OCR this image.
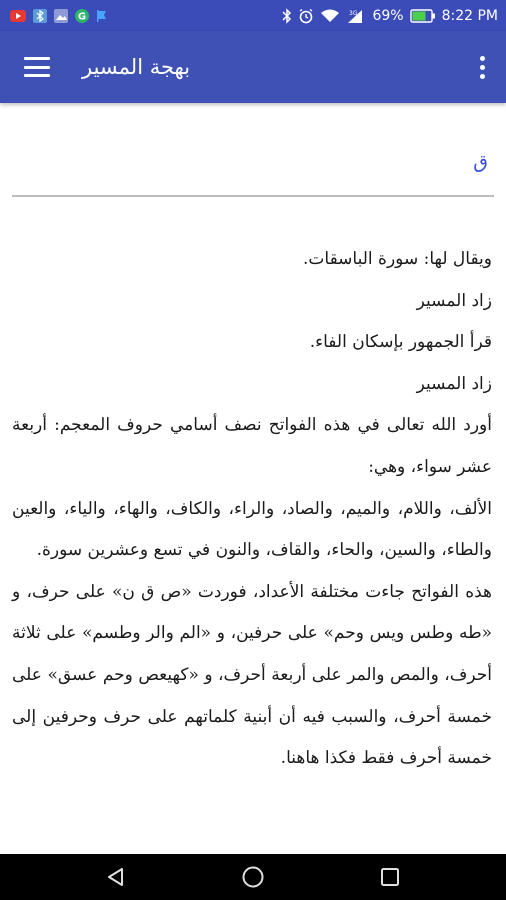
G	3G 69%	8:22 PM
بهجة المسير
ق

ويقال لها: سورة الباسقات.

زاد المسير

قرأ الجمهور بإسكان الفاء.

زاد المسير

أورد الله تعالى في هذه الفواتح نصف أسامي حروف المعجم: أربعة عشر سواء، وهي:

الألف، واللام، والميم، والصاد، والراء، والكاف، والهاء، والياء، والعين والطاء، والسين، والحاء، والقاف، والنون في تسع وعشرين سورة.

هذه الفواتح جاءت مختلفة الأعداد، فوردت «ص ق ن» على حرف، و «طه وطس ويس وحم» على حرفين، و «الم والر وطسم» على ثلاثة أحرف، والمص والمر على أربعة أحرف، و «كهيعص وحم عسق» على خمسة أحرف، والسبب فيه أن أبنية كلماتهم على حرف وحرفين إلى خمسة أحرف فقط فكذا هاهنا.
